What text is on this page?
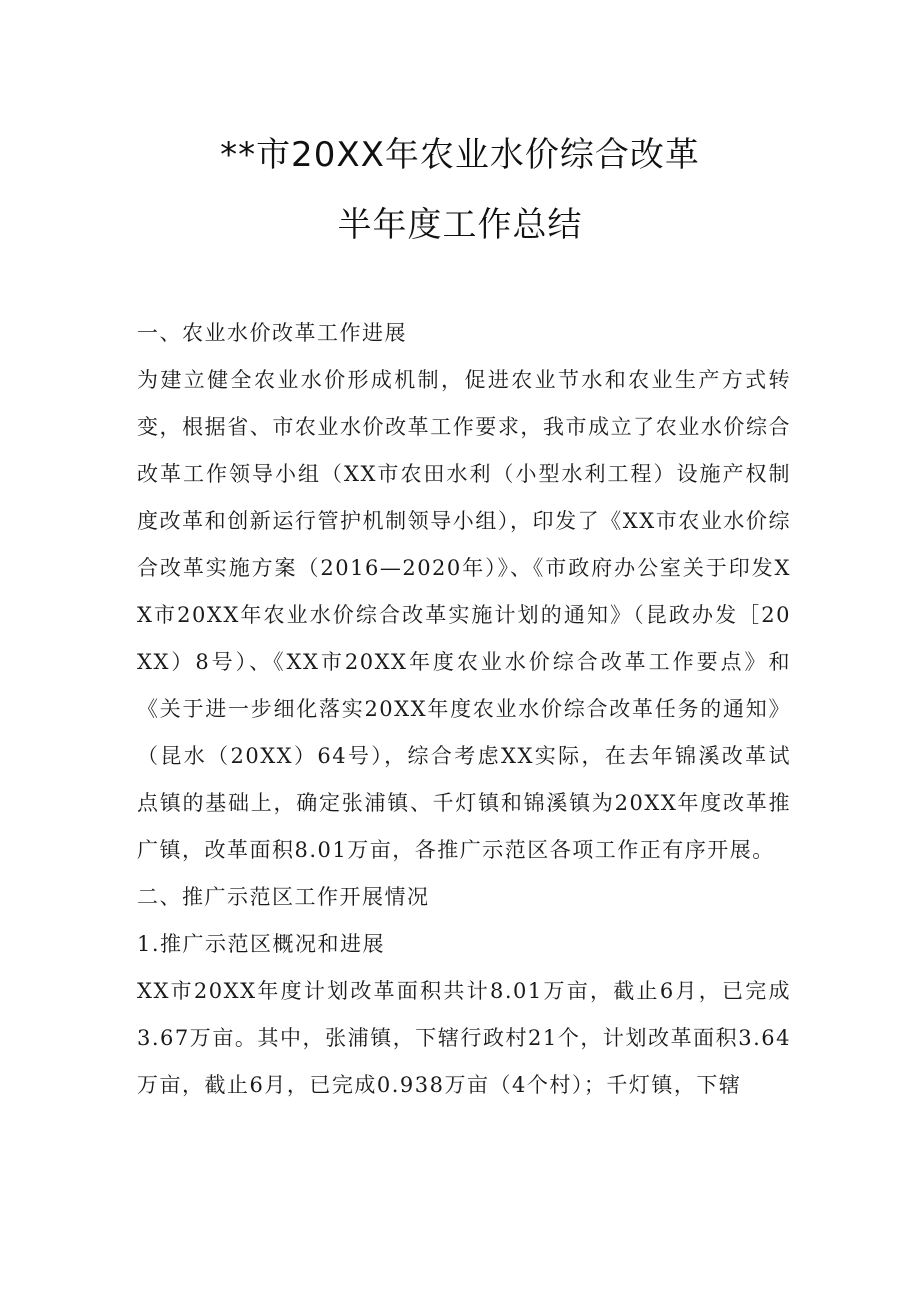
**市20XX年农业水价综合改革
半年度工作总结

一、农业水价改革工作进展

为建立健全农业水价形成机制，促进农业节水和农业生产方式转变，根据省、市农业水价改革工作要求，我市成立了农业水价综合改革工作领导小组（XX市农田水利（小型水利工程）设施产权制度改革和创新运行管护机制领导小组），印发了《XX市农业水价综合改革实施方案（2016—2020年）》、《市政府办公室关于印发XX市20XX年农业水价综合改革实施计划的通知》（昆政办发［20XX）8号）、《XX市20XX年度农业水价综合改革工作要点》和《关于进一步细化落实20XX年度农业水价综合改革任务的通知》（昆水（20XX）64号），综合考虑XX实际，在去年锦溪改革试点镇的基础上，确定张浦镇、千灯镇和锦溪镇为20XX年度改革推广镇，改革面积8.01万亩，各推广示范区各项工作正有序开展。

二、推广示范区工作开展情况

1.推广示范区概况和进展

XX市20XX年度计划改革面积共计8.01万亩，截止6月，已完成3.67万亩。其中，张浦镇，下辖行政村21个，计划改革面积3.64万亩，截止6月，已完成0.938万亩（4个村）；千灯镇，下辖
